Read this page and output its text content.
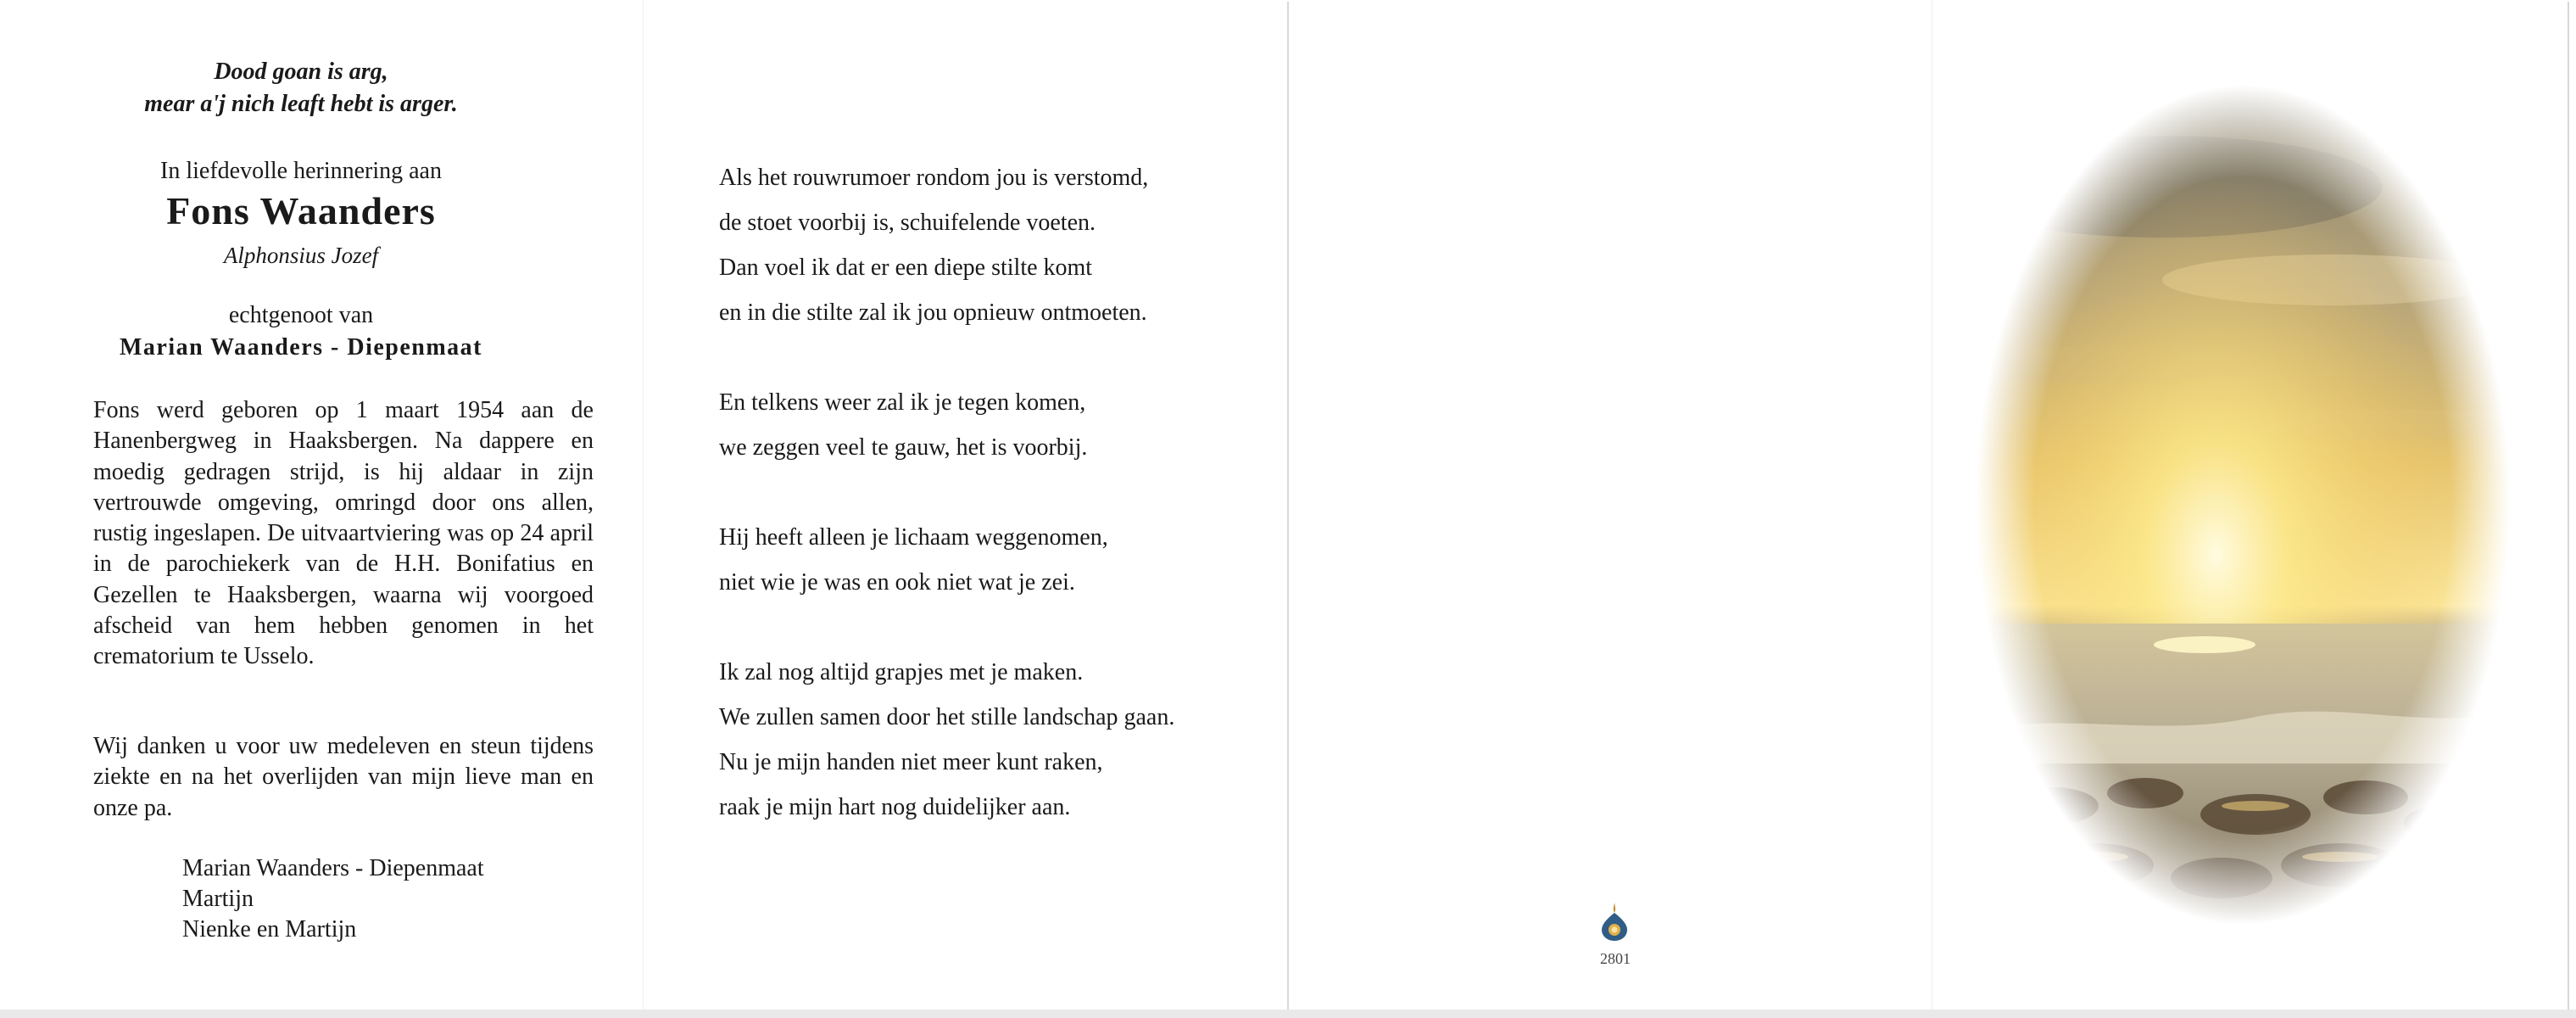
Dood goan is arg,
mear a'j nich leaft hebt is arger.
In liefdevolle herinnering aan
Fons Waanders
Alphonsius Jozef
echtgenoot van
Marian Waanders - Diepenmaat
Fons werd geboren op 1 maart 1954 aan de Hanenbergweg in Haaksbergen. Na dappere en moedig gedragen strijd, is hij aldaar in zijn vertrouwde omgeving, omringd door ons allen, rustig ingeslapen. De uitvaartviering was op 24 april in de parochiekerk van de H.H. Bonifatius en Gezellen te Haaksbergen, waarna wij voorgoed afscheid van hem hebben genomen in het crematorium te Usselo.
Wij danken u voor uw medeleven en steun tijdens ziekte en na het overlijden van mijn lieve man en onze pa.
Marian Waanders - Diepenmaat
Martijn
Nienke en Martijn
Als het rouwrumoer rondom jou is verstomd,
de stoet voorbij is, schuifelende voeten.
Dan voel ik dat er een diepe stilte komt
en in die stilte zal ik jou opnieuw ontmoeten.
En telkens weer zal ik je tegen komen,
we zeggen veel te gauw, het is voorbij.
Hij heeft alleen je lichaam weggenomen,
niet wie je was en ook niet wat je zei.
Ik zal nog altijd grapjes met je maken.
We zullen samen door het stille landschap gaan.
Nu je mijn handen niet meer kunt raken,
raak je mijn hart nog duidelijker aan.
2801
